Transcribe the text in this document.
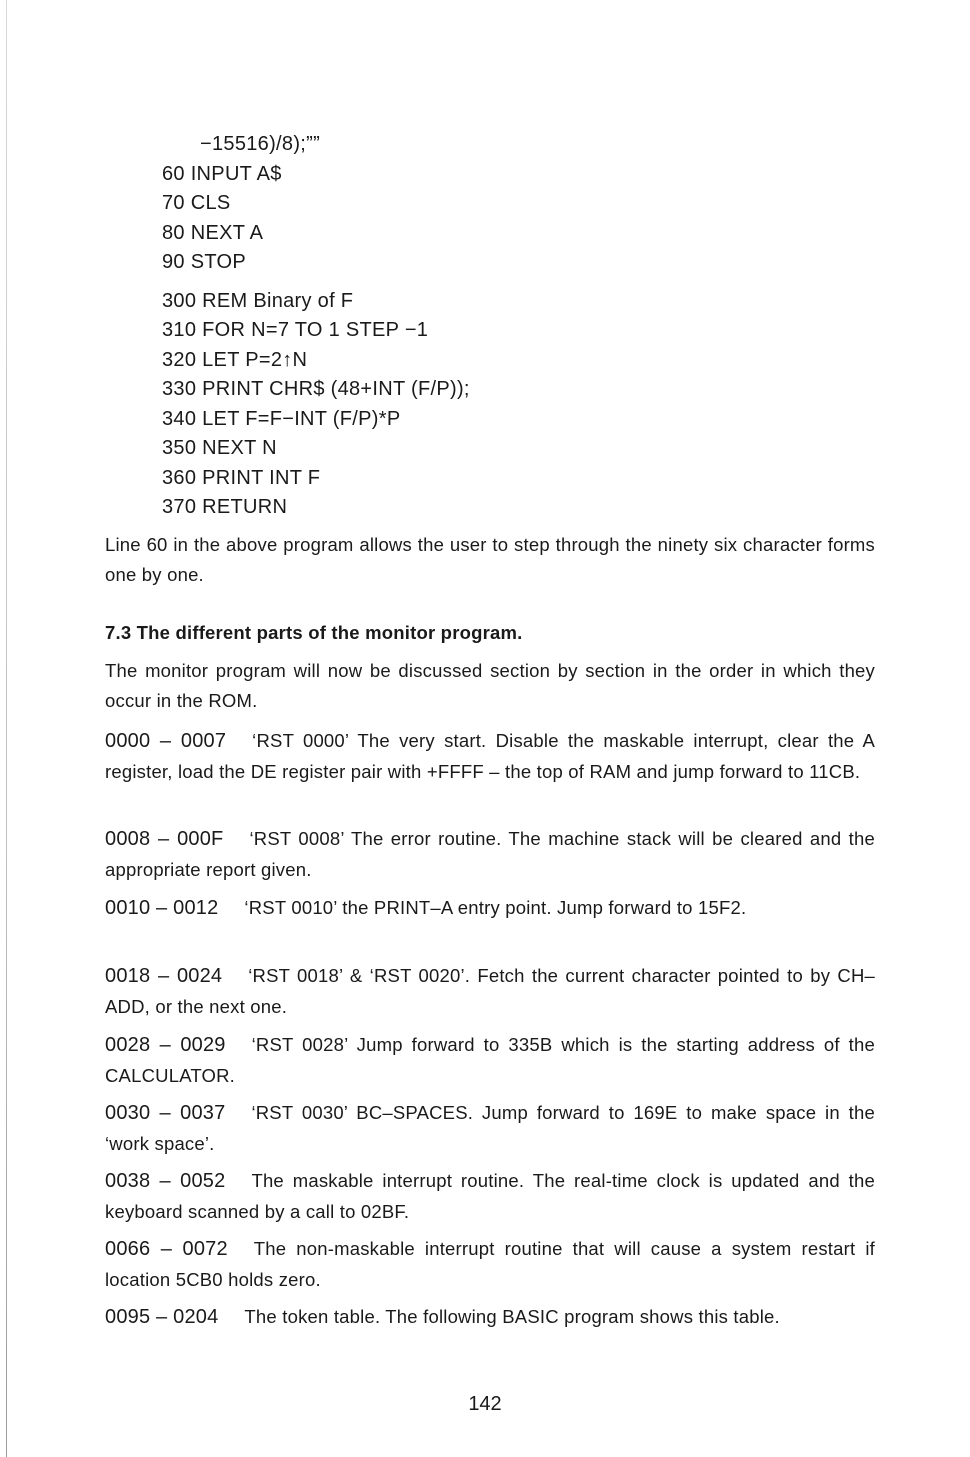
−15516)/8);””
60 INPUT A$
70 CLS
80 NEXT A
90 STOP
300 REM Binary of F
310 FOR N=7 TO 1 STEP −1
320 LET P=2↑N
330 PRINT CHR$ (48+INT (F/P));
340 LET F=F−INT (F/P)*P
350 NEXT N
360 PRINT INT F
370 RETURN

Line 60 in the above program allows the user to step through the ninety six character forms one by one.

7.3 The different parts of the monitor program.

The monitor program will now be discussed section by section in the order in which they occur in the ROM.

0000 – 0007 ‘RST 0000’ The very start. Disable the maskable interrupt, clear the A register, load the DE register pair with +FFFF – the top of RAM and jump forward to 11CB.

0008 – 000F ‘RST 0008’ The error routine. The machine stack will be cleared and the appropriate report given.

0010 – 0012 ‘RST 0010’ the PRINT–A entry point. Jump forward to 15F2.

0018 – 0024 ‘RST 0018’ & ‘RST 0020’. Fetch the current character pointed to by CH–ADD, or the next one.

0028 – 0029 ‘RST 0028’ Jump forward to 335B which is the starting address of the CALCULATOR.

0030 – 0037 ‘RST 0030’ BC–SPACES. Jump forward to 169E to make space in the ‘work space’.

0038 – 0052 The maskable interrupt routine. The real-time clock is updated and the keyboard scanned by a call to 02BF.

0066 – 0072 The non-maskable interrupt routine that will cause a system restart if location 5CB0 holds zero.

0095 – 0204 The token table. The following BASIC program shows this table.

142
